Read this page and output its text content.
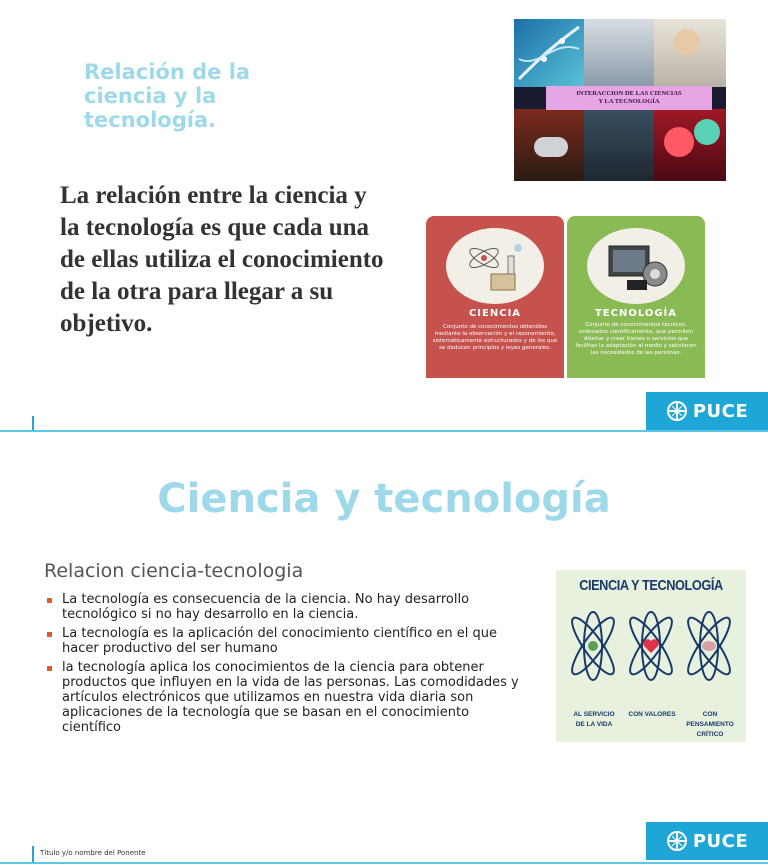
Relación de la ciencia y la tecnología.
La relación entre la ciencia y la tecnología es que cada una de ellas utiliza el conocimiento de la otra para llegar a su objetivo.
INTERACCION DE LAS CIENCIAS
Y LA TECNOLOGÍA
CIENCIA
Conjunto de conocimientos obtenidos mediante la observación y el razonamiento, sistemáticamente estructurados y de los que se deducen principios y leyes generales.
TECNOLOGÍA
Conjunto de conocimientos técnicos, ordenados científicamente, que permiten diseñar y crear bienes o servicios que facilitan la adaptación al medio y satisfacen las necesidades de las personas.
PUCE
Ciencia y tecnología
Relacion ciencia-tecnologia
La tecnología es consecuencia de la ciencia. No hay desarrollo tecnológico si no hay desarrollo en la ciencia.
La tecnología es la aplicación del conocimiento científico en el que hacer productivo del ser humano
la tecnología aplica los conocimientos de la ciencia para obtener productos que influyen en la vida de las personas. Las comodidades y artículos electrónicos que utilizamos en nuestra vida diaria son aplicaciones de la tecnología que se basan en el conocimiento científico
CIENCIA Y TECNOLOGÍA
AL SERVICIO
DE LA VIDA
CON VALORES	CON PENSAMIENTO
CRÍTICO
Título y/o nombre del Ponente
PUCE
